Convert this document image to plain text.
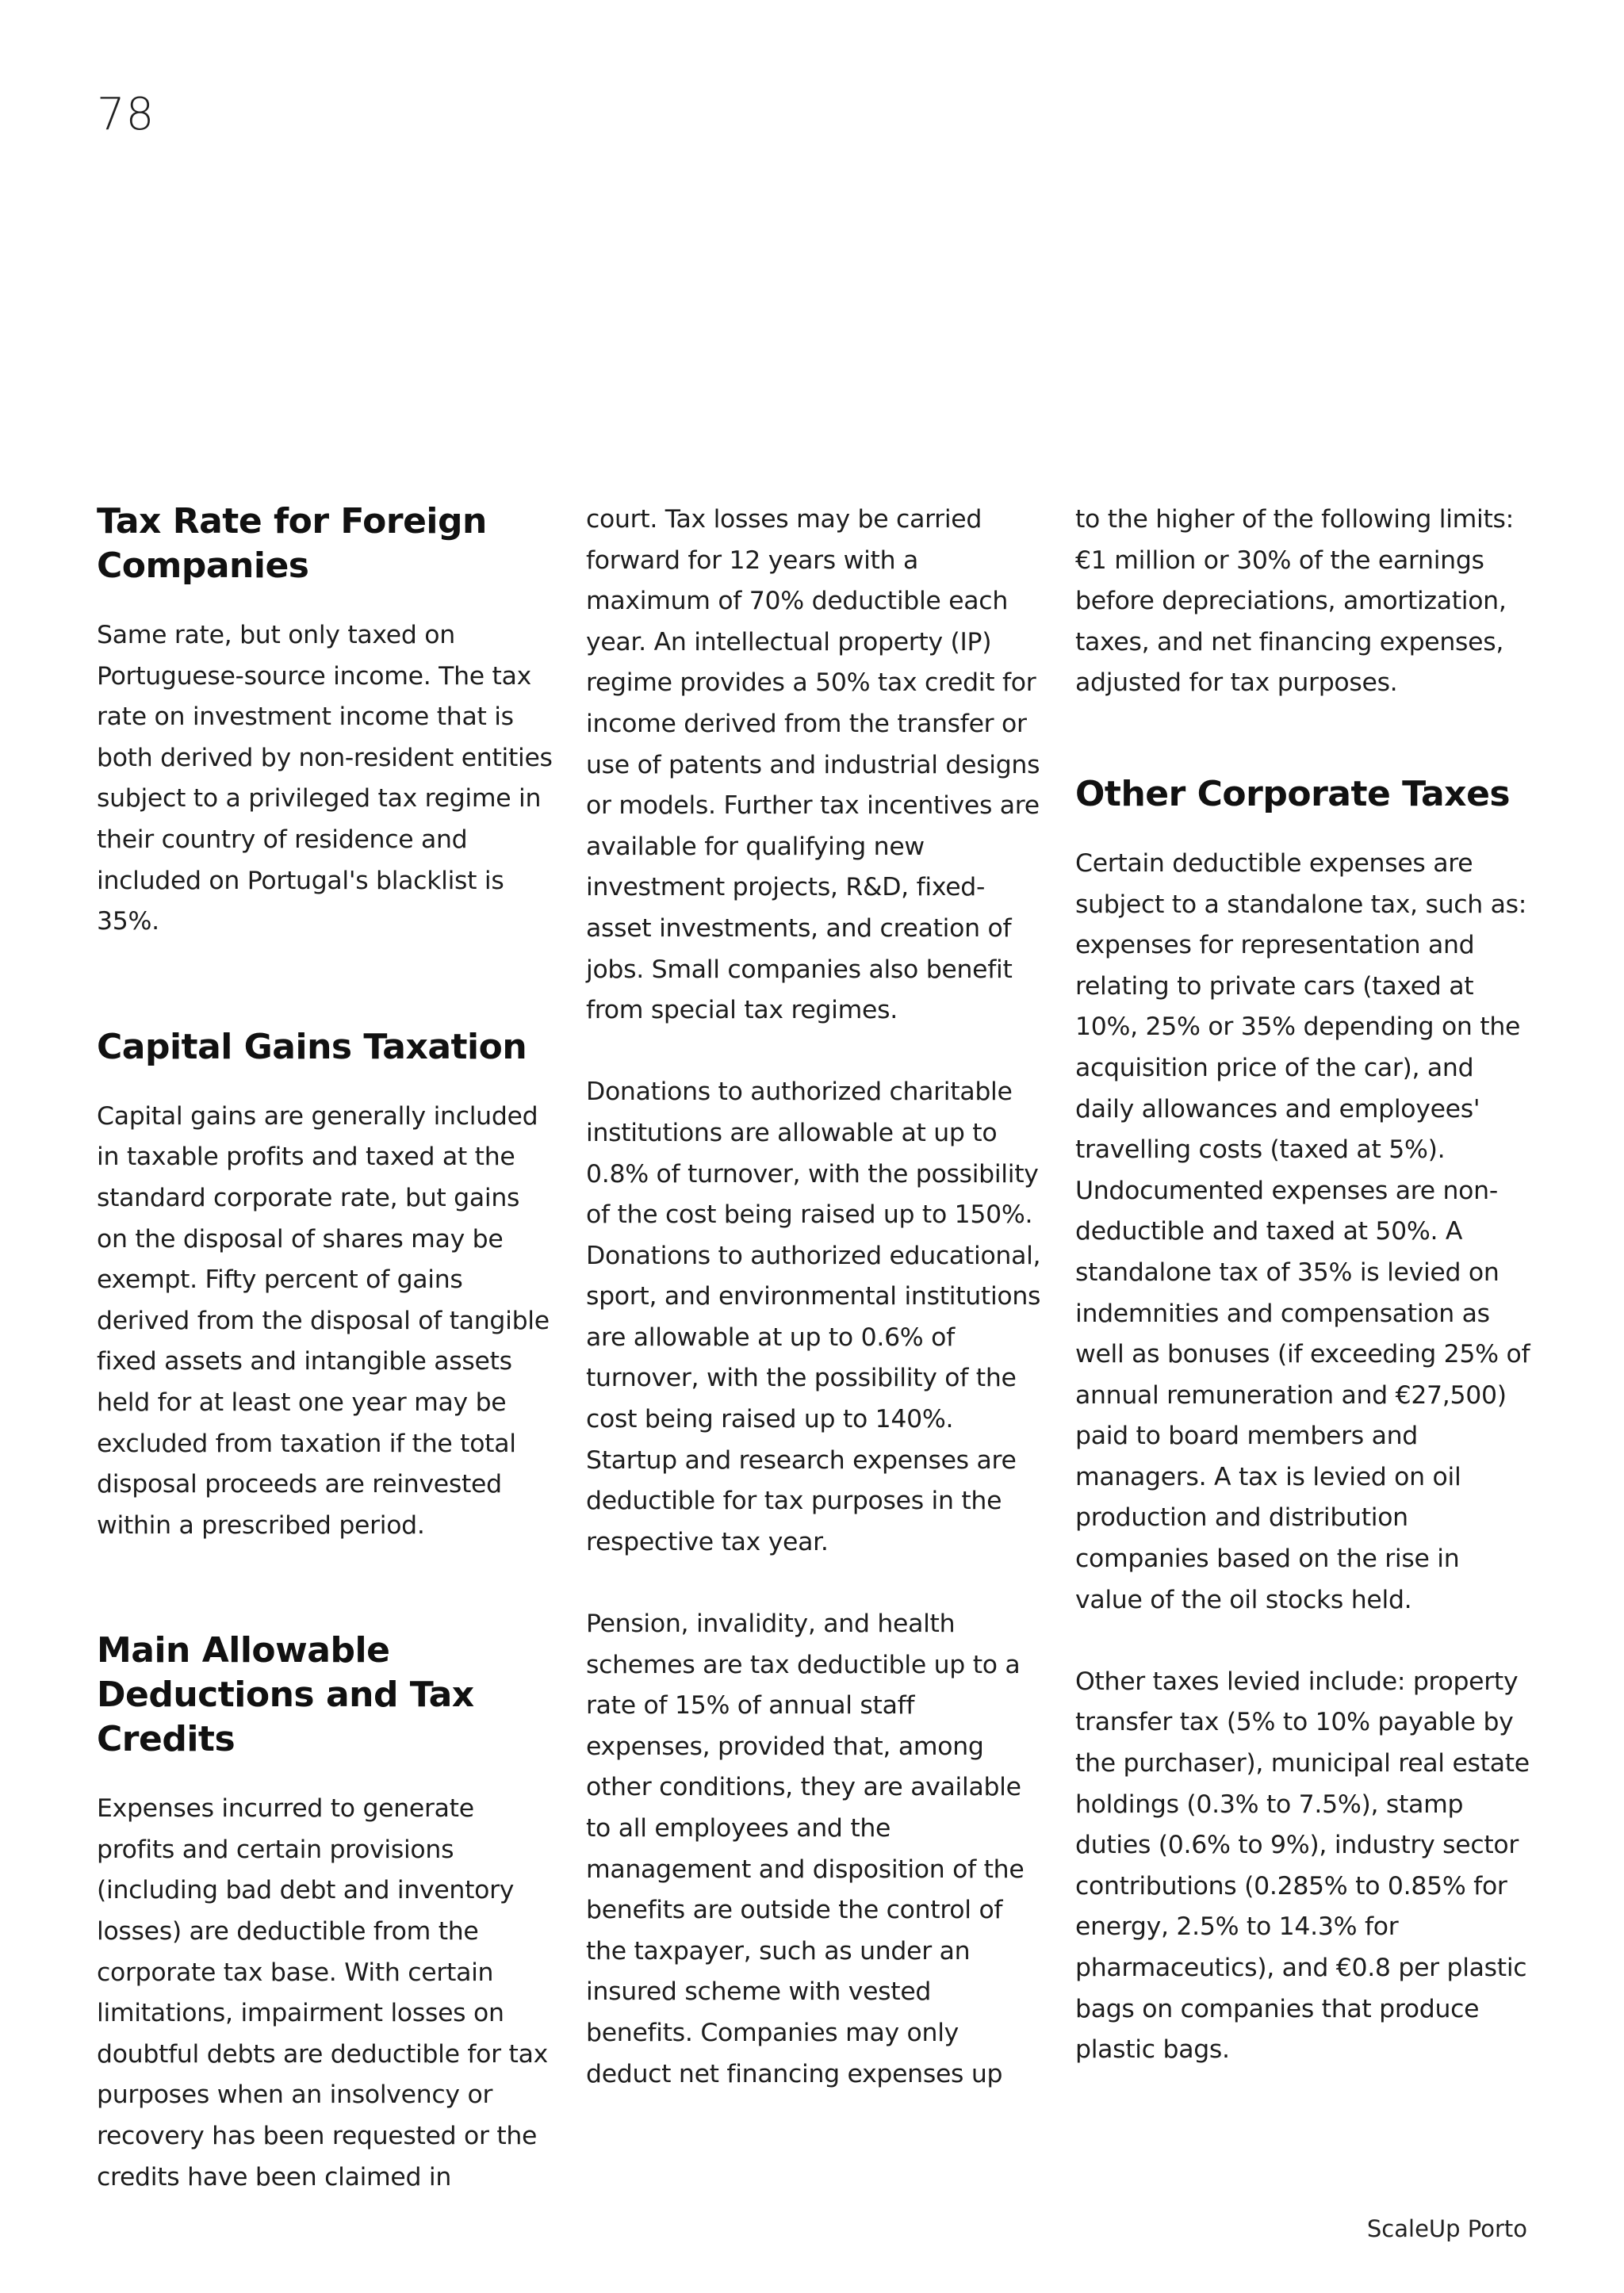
78
Tax Rate for Foreign Companies

Same rate, but only taxed on Portuguese-source income. The tax rate on investment income that is both derived by non-resident entities subject to a privileged tax regime in their country of residence and included on Portugal's blacklist is 35%.

Capital Gains Taxation

Capital gains are generally included in taxable profits and taxed at the standard corporate rate, but gains on the disposal of shares may be exempt. Fifty percent of gains derived from the disposal of tangible fixed assets and intangible assets held for at least one year may be excluded from taxation if the total disposal proceeds are reinvested within a prescribed period.

Main Allowable Deductions and Tax Credits

Expenses incurred to generate profits and certain provisions (including bad debt and inventory losses) are deductible from the corporate tax base. With certain limitations, impairment losses on doubtful debts are deductible for tax purposes when an insolvency or recovery has been requested or the credits have been claimed in

court. Tax losses may be carried forward for 12 years with a maximum of 70% deductible each year. An intellectual property (IP) regime provides a 50% tax credit for income derived from the transfer or use of patents and industrial designs or models. Further tax incentives are available for qualifying new investment projects, R&D, fixed-asset investments, and creation of jobs. Small companies also benefit from special tax regimes.

Donations to authorized charitable institutions are allowable at up to 0.8% of turnover, with the possibility of the cost being raised up to 150%. Donations to authorized educational, sport, and environmental institutions are allowable at up to 0.6% of turnover, with the possibility of the cost being raised up to 140%. Startup and research expenses are deductible for tax purposes in the respective tax year.

Pension, invalidity, and health schemes are tax deductible up to a rate of 15% of annual staff expenses, provided that, among other conditions, they are available to all employees and the management and disposition of the benefits are outside the control of the taxpayer, such as under an insured scheme with vested benefits. Companies may only deduct net financing expenses up

to the higher of the following limits: €1 million or 30% of the earnings before depreciations, amortization, taxes, and net financing expenses, adjusted for tax purposes.

Other Corporate Taxes

Certain deductible expenses are subject to a standalone tax, such as: expenses for representation and relating to private cars (taxed at 10%, 25% or 35% depending on the acquisition price of the car), and daily allowances and employees' travelling costs (taxed at 5%). Undocumented expenses are non-deductible and taxed at 50%. A standalone tax of 35% is levied on indemnities and compensation as well as bonuses (if exceeding 25% of annual remuneration and €27,500) paid to board members and managers. A tax is levied on oil production and distribution companies based on the rise in value of the oil stocks held.

Other taxes levied include: property transfer tax (5% to 10% payable by the purchaser), municipal real estate holdings (0.3% to 7.5%), stamp duties (0.6% to 9%), industry sector contributions (0.285% to 0.85% for energy, 2.5% to 14.3% for pharmaceutics), and €0.8 per plastic bags on companies that produce plastic bags.

ScaleUp Porto
